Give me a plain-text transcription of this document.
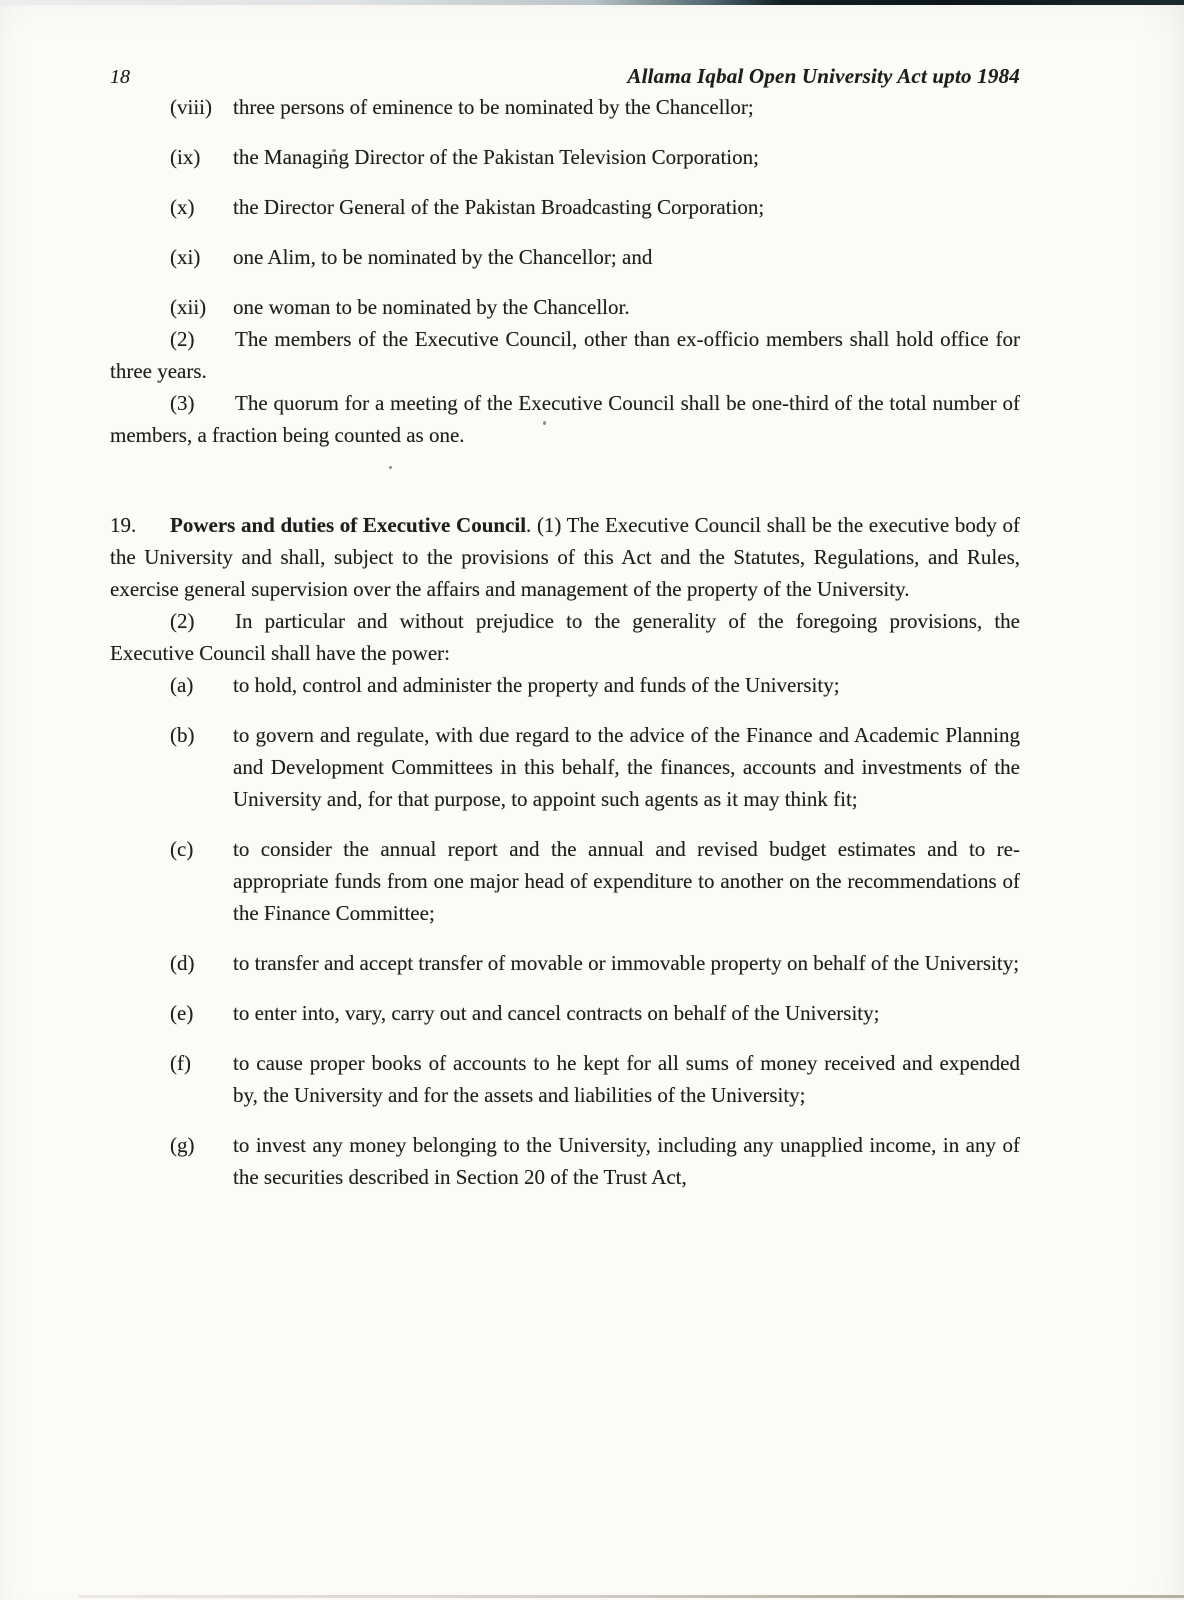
18	Allama Iqbal Open University Act upto 1984
(viii)	three persons of eminence to be nominated by the Chancellor;
(ix)	the Managing Director of the Pakistan Television Corporation;
(x)	the Director General of the Pakistan Broadcasting Corporation;
(xi)	one Alim, to be nominated by the Chancellor; and
(xii)	one woman to be nominated by the Chancellor.

(2) The members of the Executive Council, other than ex-officio members shall hold office for three years.

(3) The quorum for a meeting of the Executive Council shall be one-third of the total number of members, a fraction being counted as one.

19. Powers and duties of Executive Council. (1) The Executive Council shall be the executive body of the University and shall, subject to the provisions of this Act and the Statutes, Regulations, and Rules, exercise general supervision over the affairs and management of the property of the University.

(2) In particular and without prejudice to the generality of the foregoing provisions, the Executive Council shall have the power:

(a)	to hold, control and administer the property and funds of the University;
(b)	to govern and regulate, with due regard to the advice of the Finance and Academic Planning and Development Committees in this behalf, the finances, accounts and investments of the University and, for that purpose, to appoint such agents as it may think fit;
(c)	to consider the annual report and the annual and revised budget estimates and to re-appropriate funds from one major head of expenditure to another on the recommendations of the Finance Committee;
(d)	to transfer and accept transfer of movable or immovable property on behalf of the University;
(e)	to enter into, vary, carry out and cancel contracts on behalf of the University;
(f)	to cause proper books of accounts to he kept for all sums of money received and expended by, the University and for the assets and liabilities of the University;
(g)	to invest any money belonging to the University, including any unapplied income, in any of the securities described in Section 20 of the Trust Act,
